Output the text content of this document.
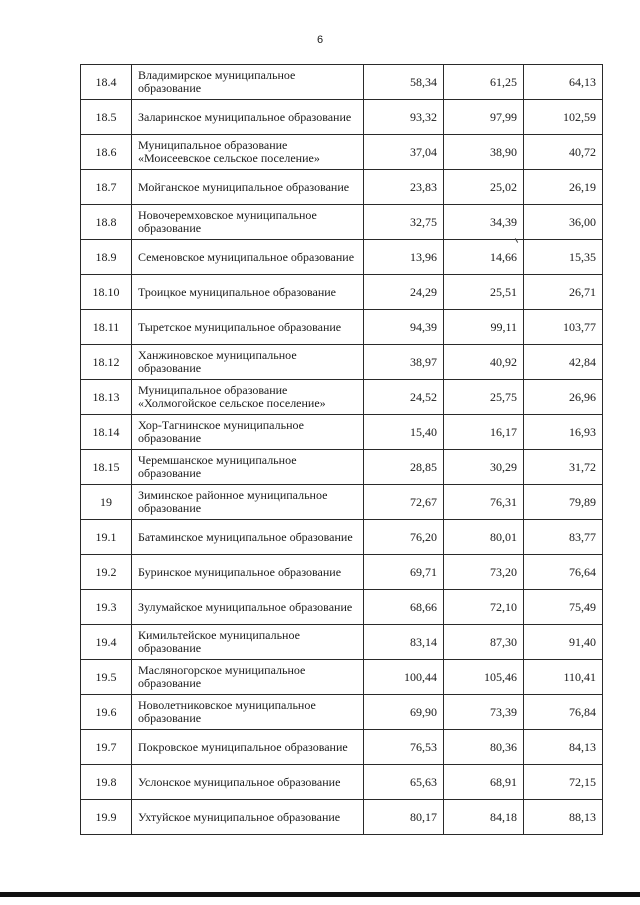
6
18.4	Владимирское муниципальное образование	58,34	61,25	64,13
18.5	Заларинское муниципальное образование	93,32	97,99	102,59
18.6	Муниципальное образование «Моисеевское сельское поселение»	37,04	38,90	40,72
18.7	Мойганское муниципальное образование	23,83	25,02	26,19
18.8	Новочеремховское муниципальное образование	32,75	34,39	36,00
18.9	Семеновское муниципальное образование	13,96	14,66	15,35
18.10	Троицкое муниципальное образование	24,29	25,51	26,71
18.11	Тыретское муниципальное образование	94,39	99,11	103,77
18.12	Ханжиновское муниципальное образование	38,97	40,92	42,84
18.13	Муниципальное образование «Холмогойское сельское поселение»	24,52	25,75	26,96
18.14	Хор-Тагнинское муниципальное образование	15,40	16,17	16,93
18.15	Черемшанское муниципальное образование	28,85	30,29	31,72
19	Зиминское районное муниципальное образование	72,67	76,31	79,89
19.1	Батаминское муниципальное образование	76,20	80,01	83,77
19.2	Буринское муниципальное образование	69,71	73,20	76,64
19.3	Зулумайское муниципальное образование	68,66	72,10	75,49
19.4	Кимильтейское муниципальное образование	83,14	87,30	91,40
19.5	Масляногорское муниципальное образование	100,44	105,46	110,41
19.6	Новолетниковское муниципальное образование	69,90	73,39	76,84
19.7	Покровское муниципальное образование	76,53	80,36	84,13
19.8	Услонское муниципальное образование	65,63	68,91	72,15
19.9	Ухтуйское муниципальное образование	80,17	84,18	88,13
